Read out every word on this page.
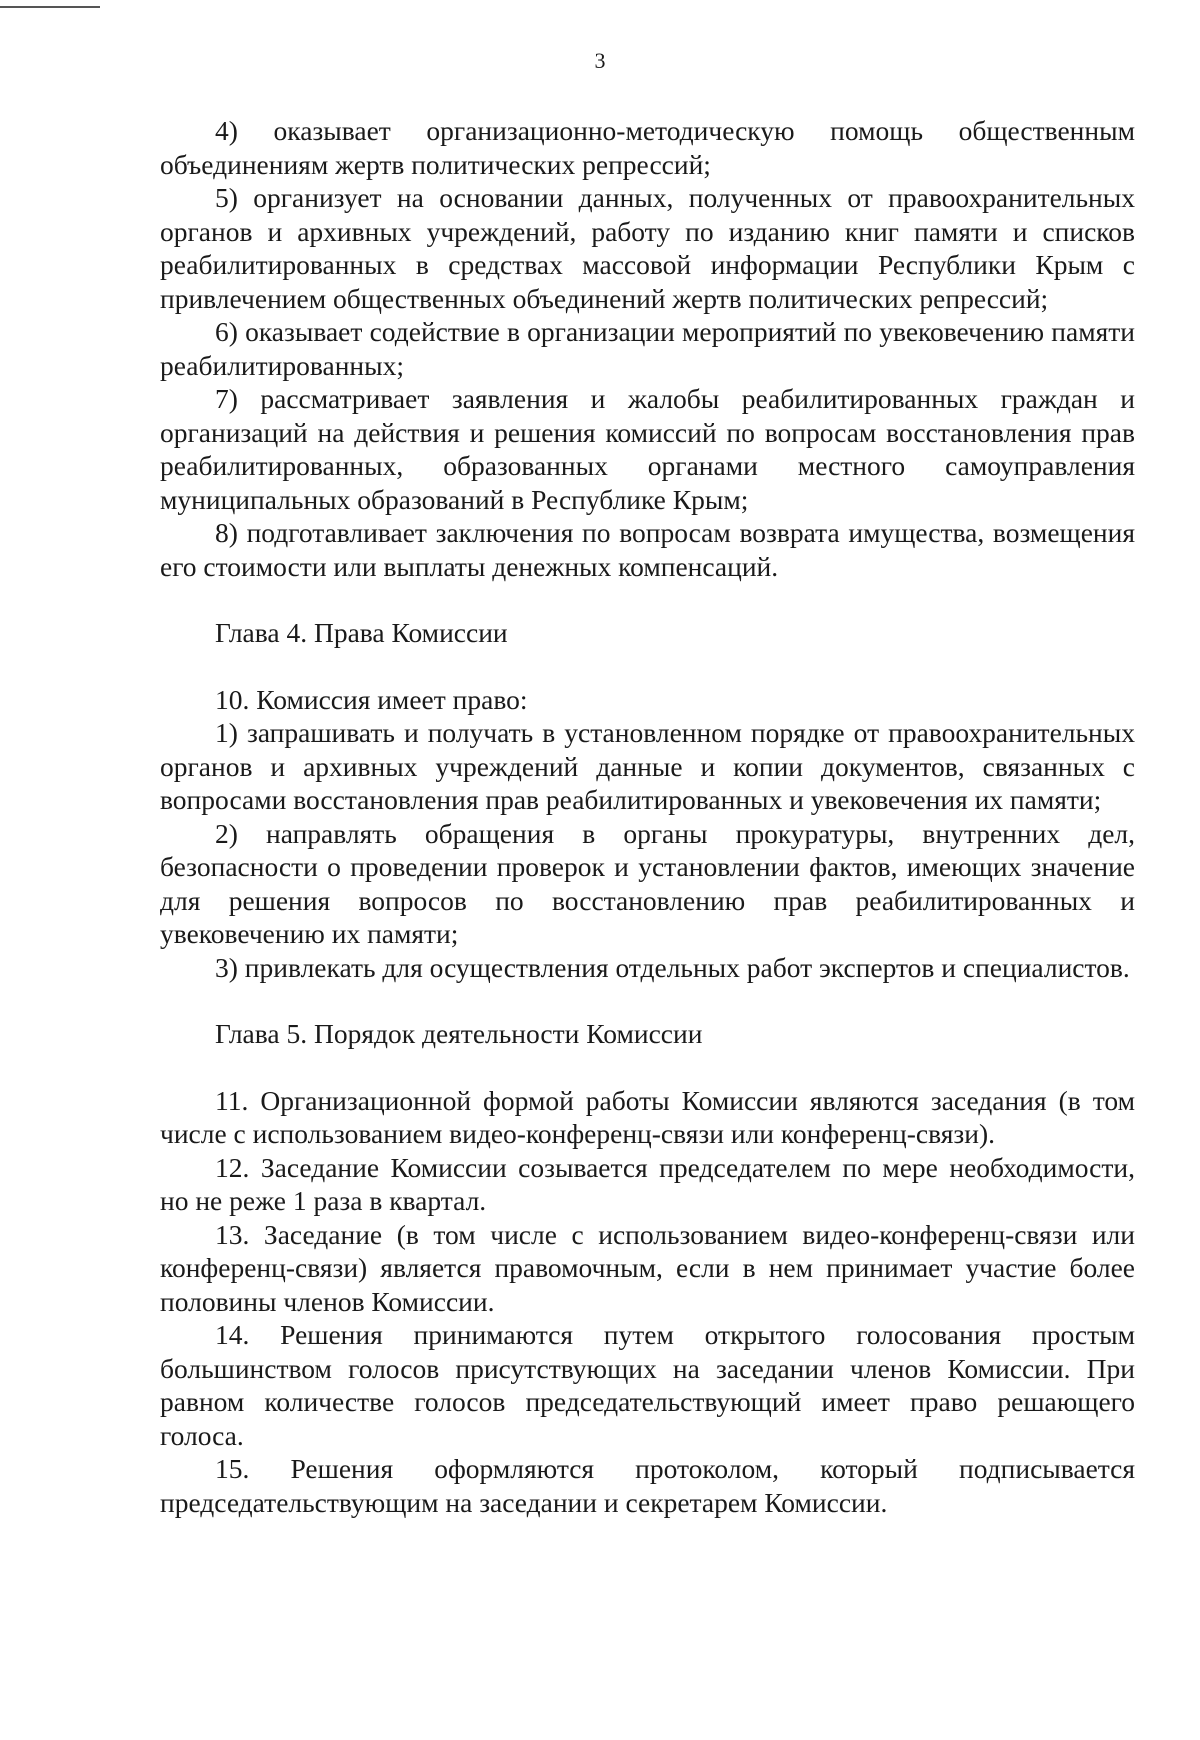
3

4) оказывает организационно-методическую помощь общественным объединениям жертв политических репрессий;

5) организует на основании данных, полученных от правоохранительных органов и архивных учреждений, работу по изданию книг памяти и списков реабилитированных в средствах массовой информации Республики Крым с привлечением общественных объединений жертв политических репрессий;

6) оказывает содействие в организации мероприятий по увековечению памяти реабилитированных;

7) рассматривает заявления и жалобы реабилитированных граждан и организаций на действия и решения комиссий по вопросам восстановления прав реабилитированных, образованных органами местного самоуправления муниципальных образований в Республике Крым;

8) подготавливает заключения по вопросам возврата имущества, возмещения его стоимости или выплаты денежных компенсаций.

Глава 4. Права Комиссии

10. Комиссия имеет право:

1) запрашивать и получать в установленном порядке от правоохранительных органов и архивных учреждений данные и копии документов, связанных с вопросами восстановления прав реабилитированных и увековечения их памяти;

2) направлять обращения в органы прокуратуры, внутренних дел, безопасности о проведении проверок и установлении фактов, имеющих значение для решения вопросов по восстановлению прав реабилитированных и увековечению их памяти;

3) привлекать для осуществления отдельных работ экспертов и специалистов.

Глава 5. Порядок деятельности Комиссии

11. Организационной формой работы Комиссии являются заседания (в том числе с использованием видео-конференц-связи или конференц-связи).

12. Заседание Комиссии созывается председателем по мере необходимости, но не реже 1 раза в квартал.

13. Заседание (в том числе с использованием видео-конференц-связи или конференц-связи) является правомочным, если в нем принимает участие более половины членов Комиссии.

14. Решения принимаются путем открытого голосования простым большинством голосов присутствующих на заседании членов Комиссии. При равном количестве голосов председательствующий имеет право решающего голоса.

15. Решения оформляются протоколом, который подписывается председательствующим на заседании и секретарем Комиссии.
